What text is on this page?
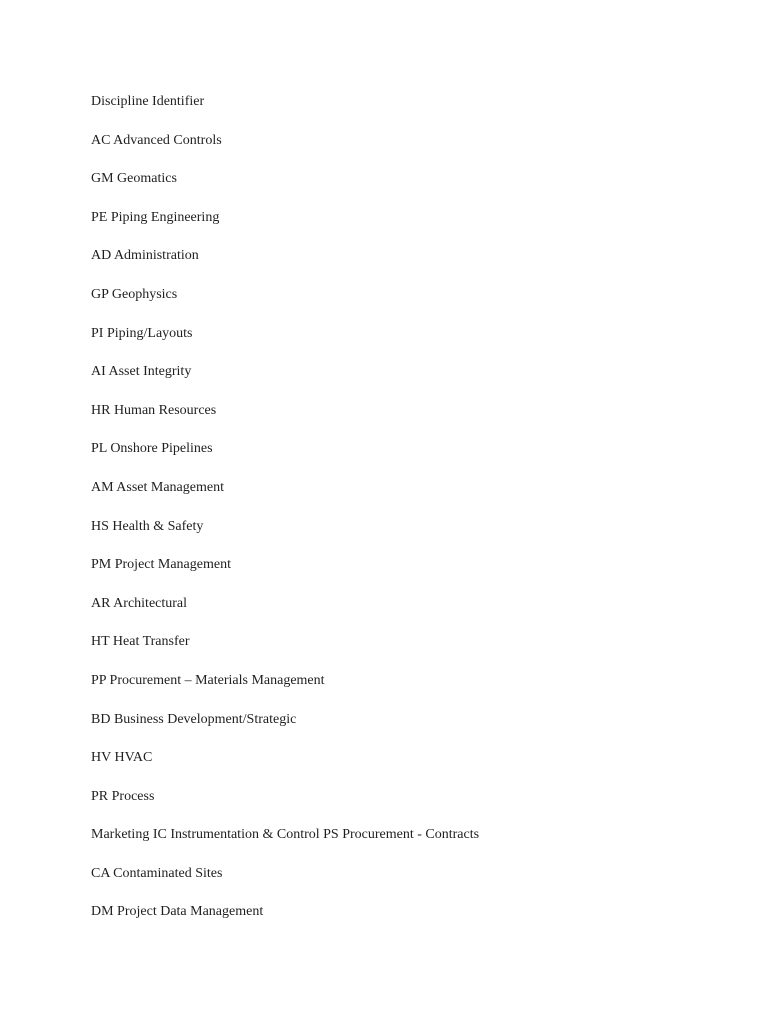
Discipline Identifier
AC Advanced Controls
GM Geomatics
PE Piping Engineering
AD Administration
GP Geophysics
PI Piping/Layouts
AI Asset Integrity
HR Human Resources
PL Onshore Pipelines
AM Asset Management
HS Health & Safety
PM Project Management
AR Architectural
HT Heat Transfer
PP Procurement – Materials Management
BD Business Development/Strategic
HV HVAC
PR Process
Marketing IC Instrumentation & Control PS Procurement - Contracts
CA Contaminated Sites
DM Project Data Management
